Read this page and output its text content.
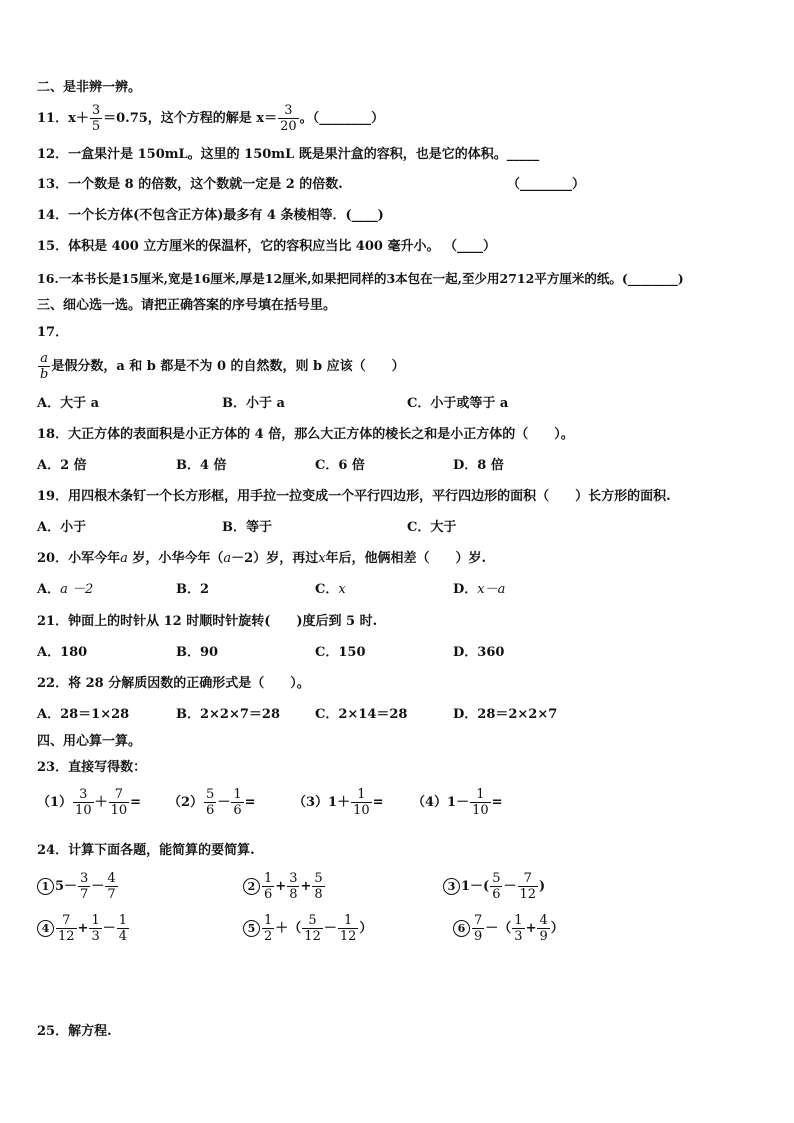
二、是非辨一辨。
11．$x+ \frac{3}{5} =0.75$，这个方程的解是 $x= \frac{3}{20}$ 。（________）
12．一盒果汁是 150mL。这里的 150mL 既是果汁盒的容积，也是它的体积。_____
13．一个数是 8 的倍数，这个数就一定是 2 的倍数.	（________）
14．一个长方体(不包含正方体)最多有 4 条棱相等．(____)
15．体积是 400 立方厘米的保温杯，它的容积应当比 400 毫升小。 （____）
16.一本书长是15厘米,宽是16厘米,厚是12厘米,如果把同样的3本包在一起,至少用2712平方厘米的纸。(________)
三、细心选一选。请把正确答案的序号填在括号里。
17．
$\frac{a}{b}$ 是假分数，a 和 b 都是不为 0 的自然数，则 b 应该（　　）
A．大于 a	B．小于 a	C．小于或等于 a
18．大正方体的表面积是小正方体的 4 倍，那么大正方体的棱长之和是小正方体的（　　）。
A．2 倍	B．4 倍	C．6 倍	D．8 倍
19．用四根木条钉一个长方形框，用手拉一拉变成一个平行四边形，平行四边形的面积（　　）长方形的面积.
A．小于	B．等于	C．大于
20．小军今年a 岁，小华今年（a－2）岁，再过x年后，他俩相差（　　）岁.
A．a －2	B．2	C．x	D．x－a
21．钟面上的时针从 12 时顺时针旋转(　　)度后到 5 时.
A．180	B．90	C．150	D．360
22．将 28 分解质因数的正确形式是（　　）。
A．28＝1×28	B．2×2×7＝28	C．2×14＝28	D．28＝2×2×7
四、用心算一算。
23．直接写得数：
$(1) \frac{3}{10} + \frac{7}{10} = (2) \frac{5}{6} - \frac{1}{6}$ =	$(3)1+ \frac{1}{10} = (4)1- \frac{1}{10}$ =
24．计算下面各题，能简算的要简算.
1 $5- \frac{3}{7} - \frac{4}{7}$	$2 \frac{1}{6} + \frac{3}{8} + \frac{5}{8}$	3 $1-( \frac{5}{6} - \frac{7}{12}$ )
$4 \frac{7}{12} + \frac{1}{3} - \frac{1}{4}$	$5 \frac{1}{2}$ ＋（ $\frac{5}{12} - \frac{1}{12}$ ）	$6 \frac{7}{9}$ －（ $\frac{1}{3} + \frac{4}{9}$ ）
25．解方程.
